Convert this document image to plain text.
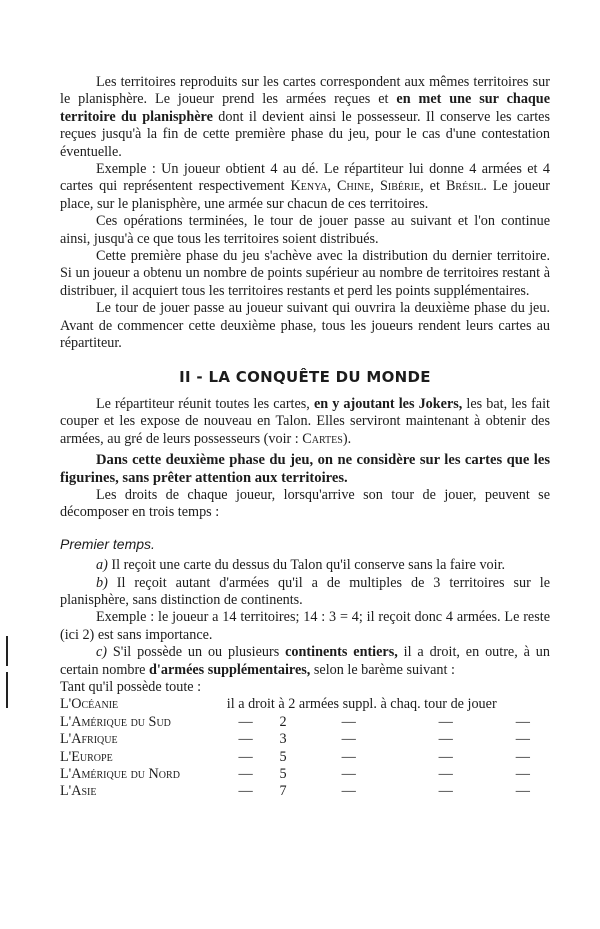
Les territoires reproduits sur les cartes correspondent aux mêmes territoires sur le planisphère. Le joueur prend les armées reçues et en met une sur chaque territoire du planisphère dont il devient ainsi le possesseur. Il conserve les cartes reçues jusqu'à la fin de cette première phase du jeu, pour le cas d'une contestation éventuelle.

Exemple : Un joueur obtient 4 au dé. Le répartiteur lui donne 4 armées et 4 cartes qui représentent respectivement Kenya, Chine, Sibérie, et Brésil. Le joueur place, sur le planisphère, une armée sur chacun de ces territoires.

Ces opérations terminées, le tour de jouer passe au suivant et l'on continue ainsi, jusqu'à ce que tous les territoires soient distribués.

Cette première phase du jeu s'achève avec la distribution du dernier territoire. Si un joueur a obtenu un nombre de points supérieur au nombre de territoires restant à distribuer, il acquiert tous les territoires restants et perd les points supplémentaires.

Le tour de jouer passe au joueur suivant qui ouvrira la deuxième phase du jeu. Avant de commencer cette deuxième phase, tous les joueurs rendent leurs cartes au répartiteur.

II - LA CONQUÊTE DU MONDE

Le répartiteur réunit toutes les cartes, en y ajoutant les Jokers, les bat, les fait couper et les expose de nouveau en Talon. Elles serviront maintenant à obtenir des armées, au gré de leurs possesseurs (voir : Cartes).

Dans cette deuxième phase du jeu, on ne considère sur les cartes que les figurines, sans prêter attention aux territoires.

Les droits de chaque joueur, lorsqu'arrive son tour de jouer, peuvent se décomposer en trois temps :

Premier temps.

a) Il reçoit une carte du dessus du Talon qu'il conserve sans la faire voir.

b) Il reçoit autant d'armées qu'il a de multiples de 3 territoires sur le planisphère, sans distinction de continents.

Exemple : le joueur a 14 territoires; 14 : 3 = 4; il reçoit donc 4 armées. Le reste (ici 2) est sans importance.

c) S'il possède un ou plusieurs continents entiers, il a droit, en outre, à un certain nombre d'armées supplémentaires, selon le barème suivant :

Tant qu'il possède toute :

L'Océanie	il a droit à 2 armées suppl. à chaq. tour de jouer				
L'Amérique du Sud	—	2	—	—	—
L'Afrique	—	3	—	—	—
L'Europe	—	5	—	—	—
L'Amérique du Nord	—	5	—	—	—
L'Asie	—	7	—	—	—
